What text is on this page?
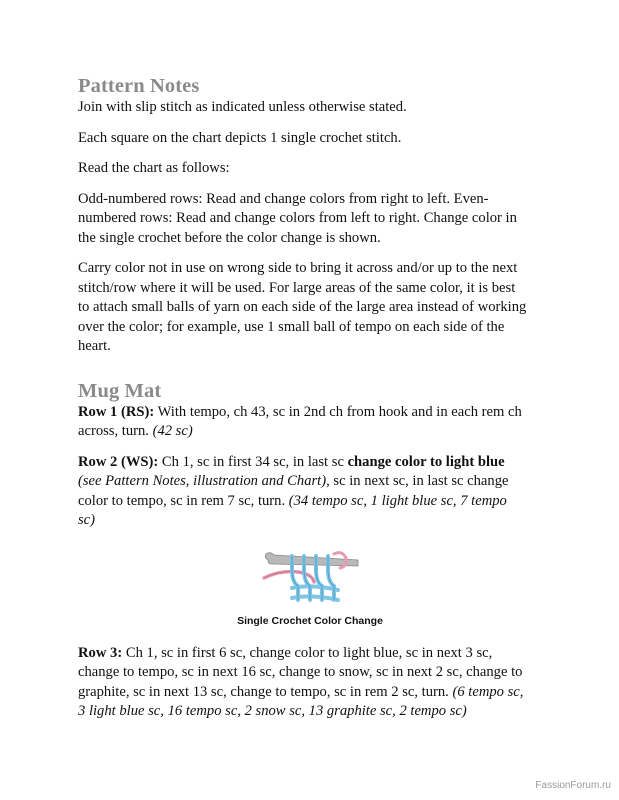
Pattern Notes

Join with slip stitch as indicated unless otherwise stated.

Each square on the chart depicts 1 single crochet stitch.

Read the chart as follows:

Odd-numbered rows: Read and change colors from right to left. Even-
numbered rows: Read and change colors from left to right. Change color in
the single crochet before the color change is shown.

Carry color not in use on wrong side to bring it across and/or up to the next
stitch/row where it will be used. For large areas of the same color, it is best
to attach small balls of yarn on each side of the large area instead of working
over the color; for example, use 1 small ball of tempo on each side of the
heart.

Mug Mat

Row 1 (RS): With tempo, ch 43, sc in 2nd ch from hook and in each rem ch
across, turn. (42 sc)

Row 2 (WS): Ch 1, sc in first 34 sc, in last sc change color to light blue
(see Pattern Notes, illustration and Chart), sc in next sc, in last sc change
color to tempo, sc in rem 7 sc, turn. (34 tempo sc, 1 light blue sc, 7 tempo
sc)

Single Crochet Color Change

Row 3: Ch 1, sc in first 6 sc, change color to light blue, sc in next 3 sc,
change to tempo, sc in next 16 sc, change to snow, sc in next 2 sc, change to
graphite, sc in next 13 sc, change to tempo, sc in rem 2 sc, turn. (6 tempo sc,
3 light blue sc, 16 tempo sc, 2 snow sc, 13 graphite sc, 2 tempo sc)

FassionForum.ru
